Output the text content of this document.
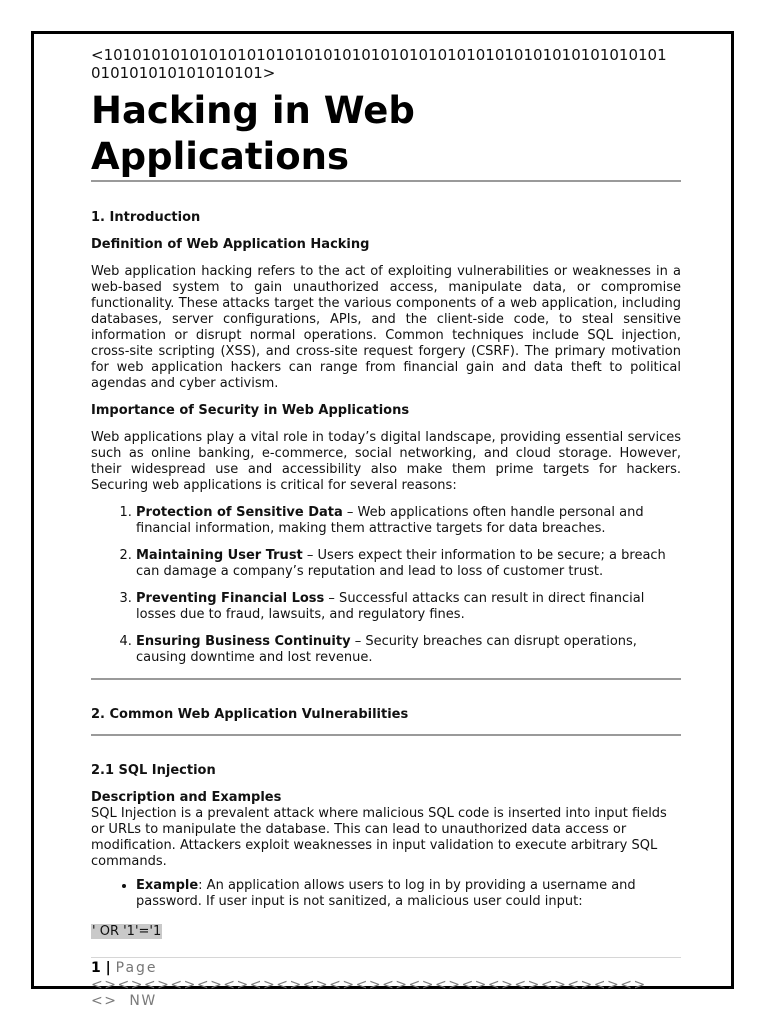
<10101010101010101010101010101010101010101010101010101010101

010101010101010101>

Hacking in Web Applications
1. Introduction
Definition of Web Application Hacking

Web application hacking refers to the act of exploiting vulnerabilities or weaknesses in a web-based system to gain unauthorized access, manipulate data, or compromise functionality. These attacks target the various components of a web application, including databases, server configurations, APIs, and the client-side code, to steal sensitive information or disrupt normal operations. Common techniques include SQL injection, cross-site scripting (XSS), and cross-site request forgery (CSRF). The primary motivation for web application hackers can range from financial gain and data theft to political agendas and cyber activism.

Importance of Security in Web Applications

Web applications play a vital role in today’s digital landscape, providing essential services such as online banking, e-commerce, social networking, and cloud storage. However, their widespread use and accessibility also make them prime targets for hackers. Securing web applications is critical for several reasons:

1. Protection of Sensitive Data – Web applications often handle personal and financial information, making them attractive targets for data breaches.
2. Maintaining User Trust – Users expect their information to be secure; a breach can damage a company’s reputation and lead to loss of customer trust.
3. Preventing Financial Loss – Successful attacks can result in direct financial losses due to fraud, lawsuits, and regulatory fines.
4. Ensuring Business Continuity – Security breaches can disrupt operations, causing downtime and lost revenue.
2. Common Web Application Vulnerabilities
2.1 SQL Injection
Description and Examples

SQL Injection is a prevalent attack where malicious SQL code is inserted into input fields or URLs to manipulate the database. This can lead to unauthorized data access or modification. Attackers exploit weaknesses in input validation to execute arbitrary SQL commands.

• Example: An application allows users to log in by providing a username and password. If user input is not sanitized, a malicious user could input:
' OR '1'='1

1 | Page

<><><><><><><><><><><><><><><><><><><><><>

<> NW
